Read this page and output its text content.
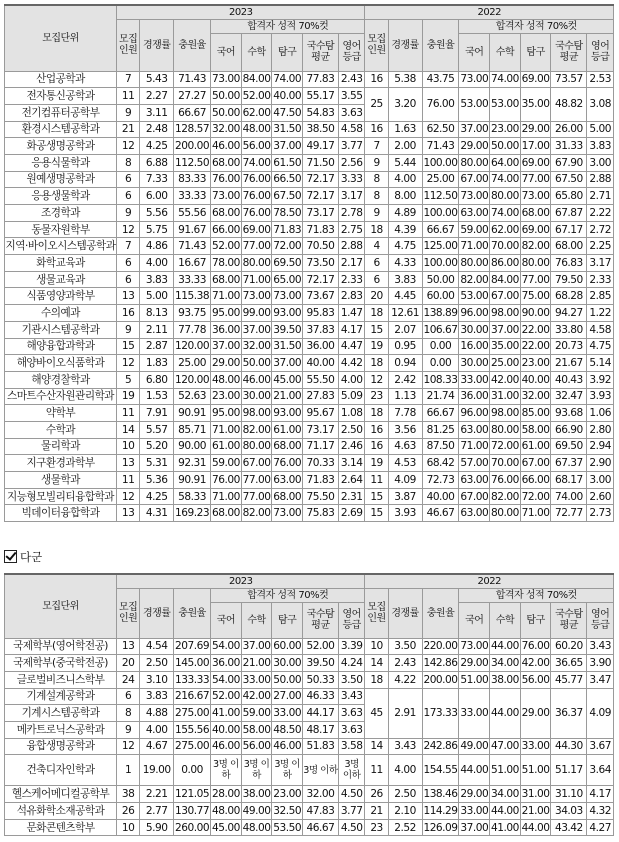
모집단위	2023								2022							
	모집 인원	경쟁률	충원율	합격자 성적 70%컷					모집 인원	경쟁률	충원율	합격자 성적 70%컷				
				국어	수학	탐구	국수탐 평균	영어 등급				국어	수학	탐구	국수탐 평균	영어 등급
산업공학과	7	5.43	71.43	73.00	84.00	74.00	77.83	2.43	16	5.38	43.75	73.00	74.00	69.00	73.57	2.53
전자통신공학과	11	2.27	27.27	50.00	52.00	40.00	55.17	3.55	25	3.20	76.00	53.00	53.00	35.00	48.82	3.08
전기컴퓨터공학부	9	3.11	66.67	50.00	62.00	47.50	54.83	3.63								
환경시스템공학과	21	2.48	128.57	32.00	48.00	31.50	38.50	4.58	16	1.63	62.50	37.00	23.00	29.00	26.00	5.00
화공생명공학과	12	4.25	200.00	46.00	56.00	37.00	49.17	3.77	7	2.00	71.43	29.00	50.00	17.00	31.33	3.83
응용식물학과	8	6.88	112.50	68.00	74.00	61.50	71.50	2.56	9	5.44	100.00	80.00	64.00	69.00	67.90	3.00
원예생명공학과	6	7.33	83.33	76.00	76.00	66.50	72.17	3.33	8	4.00	25.00	67.00	74.00	77.00	67.50	2.88
응용생물학과	6	6.00	33.33	73.00	76.00	67.50	72.17	3.17	8	8.00	112.50	73.00	80.00	73.00	65.80	2.71
조경학과	9	5.56	55.56	68.00	76.00	78.50	73.17	2.78	9	4.89	100.00	63.00	74.00	68.00	67.87	2.22
동물자원학부	12	5.75	91.67	66.00	69.00	71.83	71.83	2.75	18	4.39	66.67	59.00	62.00	69.00	67.17	2.72
지역·바이오시스템공학과	7	4.86	71.43	52.00	77.00	72.00	70.50	2.88	4	4.75	125.00	71.00	70.00	82.00	68.00	2.25
화학교육과	6	4.00	16.67	78.00	80.00	69.50	73.50	2.17	6	4.33	100.00	80.00	86.00	80.00	76.83	3.17
생물교육과	6	3.83	33.33	68.00	71.00	65.00	72.17	2.33	6	3.83	50.00	82.00	84.00	77.00	79.50	2.33
식품영양과학부	13	5.00	115.38	71.00	73.00	73.00	73.67	2.83	20	4.45	60.00	53.00	67.00	75.00	68.28	2.85
수의예과	16	8.13	93.75	95.00	99.00	93.00	95.83	1.47	18	12.61	138.89	96.00	98.00	90.00	94.27	1.22
기관시스템공학과	9	2.11	77.78	36.00	37.00	39.50	37.83	4.17	15	2.07	106.67	30.00	37.00	22.00	33.80	4.58
해양융합과학과	15	2.87	120.00	37.00	32.00	31.50	36.00	4.47	19	0.95	0.00	16.00	35.00	22.00	20.73	4.75
해양바이오식품학과	12	1.83	25.00	29.00	50.00	37.00	40.00	4.42	18	0.94	0.00	30.00	25.00	23.00	21.67	5.14
해양경찰학과	5	6.80	120.00	48.00	46.00	45.00	55.50	4.00	12	2.42	108.33	33.00	42.00	40.00	40.43	3.92
스마트수산자원관리학과	19	1.53	52.63	23.00	30.00	21.00	27.83	5.09	23	1.13	21.74	36.00	31.00	32.00	32.47	3.93
약학부	11	7.91	90.91	95.00	98.00	93.00	95.67	1.08	18	7.78	66.67	96.00	98.00	85.00	93.68	1.06
수학과	14	5.57	85.71	71.00	82.00	61.00	73.17	2.50	16	3.56	81.25	63.00	80.00	58.00	66.90	2.80
물리학과	10	5.20	90.00	61.00	80.00	68.00	71.17	2.46	16	4.63	87.50	71.00	72.00	61.00	69.50	2.94
지구환경과학부	13	5.31	92.31	59.00	67.00	76.00	70.33	3.14	19	4.53	68.42	57.00	70.00	67.00	67.37	2.90
생물학과	11	5.36	90.91	76.00	77.00	63.00	71.83	2.64	11	4.09	72.73	63.00	76.00	66.00	68.17	3.00
지능형모빌리티융합학과	12	4.25	58.33	71.00	77.00	68.00	75.50	2.31	15	3.87	40.00	67.00	82.00	72.00	74.00	2.60
빅데이터융합학과	13	4.31	169.23	68.00	82.00	73.00	75.83	2.69	15	3.93	46.67	63.00	80.00	71.00	72.77	2.73
다군
모집단위	2023								2022							
	모집 인원	경쟁률	충원율	합격자 성적 70%컷					모집 인원	경쟁률	충원율	합격자 성적 70%컷				
				국어	수학	탐구	국수탐 평균	영어 등급				국어	수학	탐구	국수탐 평균	영어 등급
국제학부(영어학전공)	13	4.54	207.69	54.00	37.00	60.00	52.00	3.39	10	3.50	220.00	73.00	44.00	76.00	60.20	3.43
국제학부(중국학전공)	20	2.50	145.00	36.00	21.00	30.00	39.50	4.24	14	2.43	142.86	29.00	34.00	42.00	36.65	3.90
글로벌비즈니스학부	24	3.10	133.33	54.00	33.00	50.00	50.33	3.50	18	4.22	200.00	51.00	38.00	56.00	45.77	3.47
기계설계공학과	6	3.83	216.67	52.00	42.00	27.00	46.33	3.43	45	2.91	173.33	33.00	44.00	29.00	36.37	4.09
기계시스템공학과	8	4.88	275.00	41.00	59.00	33.00	44.17	3.63								
메카트로닉스공학과	9	4.00	155.56	40.00	58.00	48.50	48.17	3.63								
융합생명공학과	12	4.67	275.00	46.00	56.00	46.00	51.83	3.58	14	3.43	242.86	49.00	47.00	33.00	44.30	3.67
건축디자인학과	1	19.00	0.00	3명 이하	3명 이하	3명 이하	3명 이하	3명 이하	11	4.00	154.55	44.00	51.00	51.00	51.17	3.64
헬스케어메디컬공학부	38	2.21	121.05	28.00	38.00	23.00	32.00	4.50	26	2.50	138.46	29.00	34.00	31.00	31.10	4.17
석유화학소재공학과	26	2.77	130.77	48.00	49.00	32.50	47.83	3.77	21	2.10	114.29	33.00	44.00	21.00	34.03	4.32
문화콘텐츠학부	10	5.90	260.00	45.00	48.00	53.50	46.67	4.50	23	2.52	126.09	37.00	41.00	44.00	43.42	4.27
